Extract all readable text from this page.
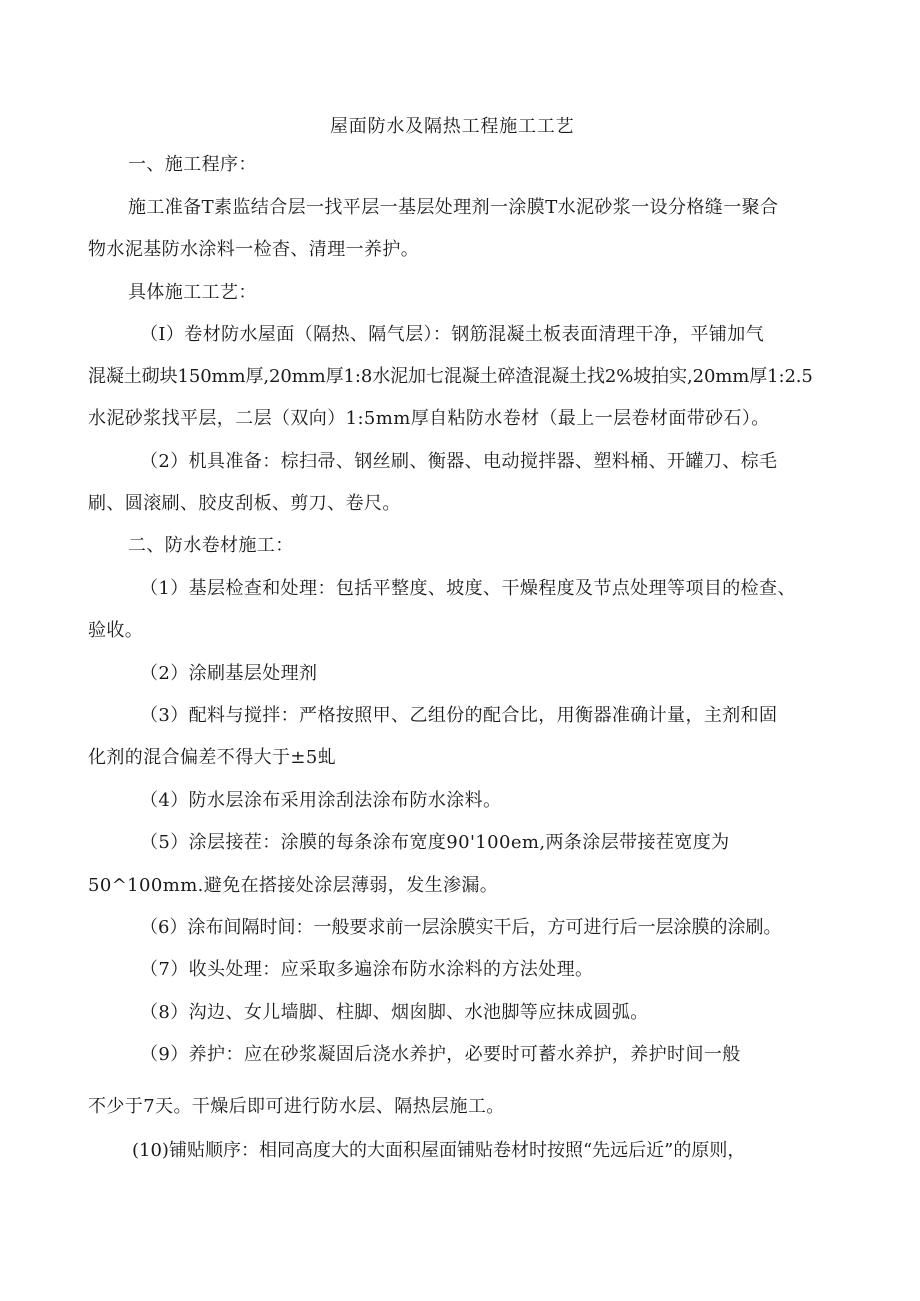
屋面防水及隔热工程施工工艺
一、施工程序：
施工准备T素监结合层一找平层一基层处理剂一涂膜T水泥砂浆一设分格缝一聚合
物水泥基防水涂料一检杳、清理一养护。
具体施工工艺：
（I）卷材防水屋面（隔热、隔气层）：钢筋混凝土板表面清理干净，平铺加气
混凝土砌块150mm厚,20mm厚1:8水泥加七混凝土碎渣混凝土找2%坡拍实,20mm厚1:2.5
水泥砂浆找平层，二层（双向）1:5mm厚自粘防水卷材（最上一层卷材面带砂石）。
（2）机具准备：棕扫帚、钢丝刷、衡器、电动搅拌器、塑料桶、开罐刀、棕毛
刷、圆滚刷、胶皮刮板、剪刀、卷尺。
二、防水卷材施工：
（1）基层检查和处理：包括平整度、坡度、干燥程度及节点处理等项目的检查、
验收。
（2）涂刷基层处理剂
（3）配料与搅拌：严格按照甲、乙组份的配合比，用衡器准确计量，主剂和固
化剂的混合偏差不得大于±5虬
（4）防水层涂布采用涂刮法涂布防水涂料。
（5）涂层接茬：涂膜的每条涂布宽度90'100em,两条涂层带接茬宽度为
50^100mm.避免在搭接处涂层薄弱，发生渗漏。
（6）涂布间隔时间：一般要求前一层涂膜实干后，方可进行后一层涂膜的涂刷。
（7）收头处理：应采取多遍涂布防水涂料的方法处理。
（8）沟边、女儿墙脚、柱脚、烟囱脚、水池脚等应抹成圆弧。
（9）养护：应在砂浆凝固后浇水养护，必要时可蓄水养护，养护时间一般
不少于7天。干燥后即可进行防水层、隔热层施工。
(10)铺贴顺序：相同高度大的大面积屋面铺贴卷材时按照“先远后近”的原则，
